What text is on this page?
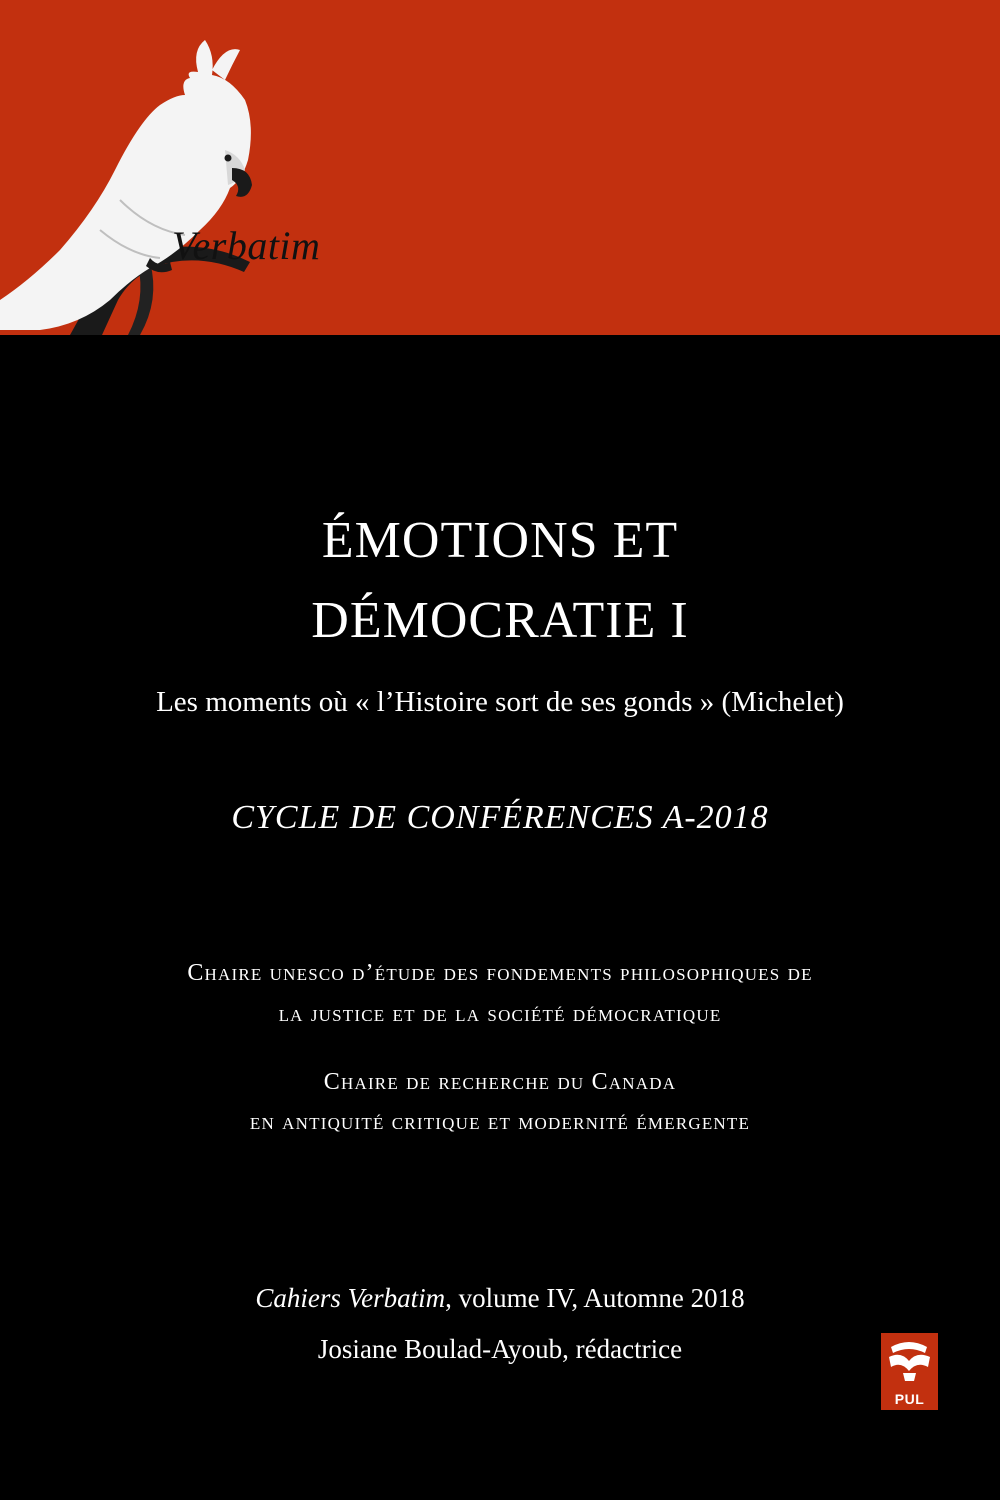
Verbatim
ÉMOTIONS ET
DÉMOCRATIE I
Les moments où « l’Histoire sort de ses gonds » (Michelet)
CYCLE DE CONFÉRENCES A-2018
Chaire unesco d’étude des fondements philosophiques de
la justice et de la société démocratique
Chaire de recherche du Canada
en antiquité critique et modernité émergente
Cahiers Verbatim, volume IV, Automne 2018
Josiane Boulad-Ayoub, rédactrice
PUL
